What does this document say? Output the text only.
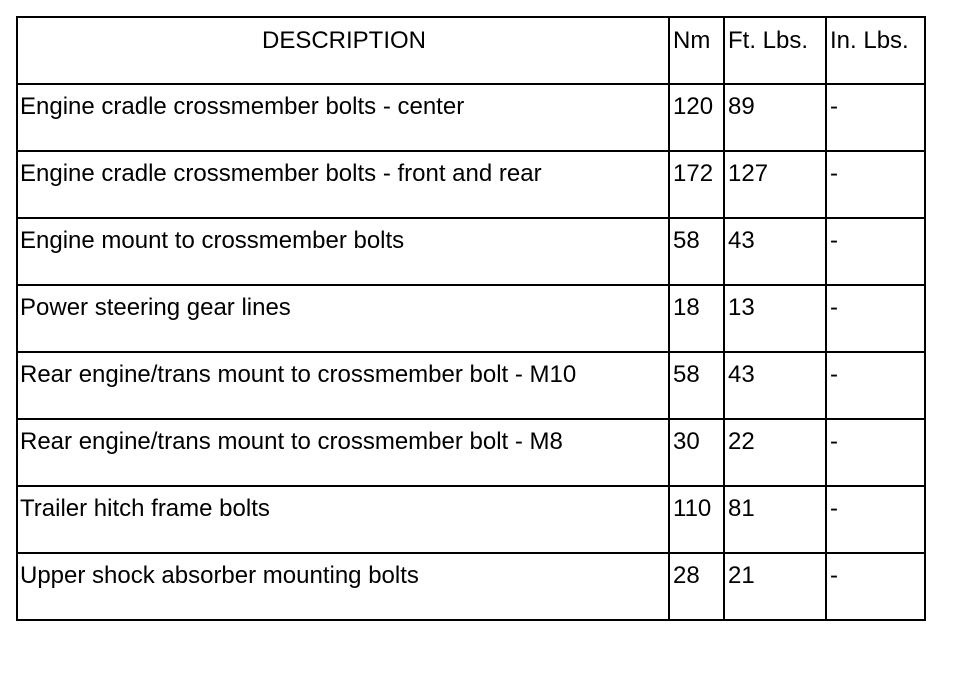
DESCRIPTION	Nm	Ft. Lbs.	In. Lbs.
Engine cradle crossmember bolts - center	120	89	-
Engine cradle crossmember bolts - front and rear	172	127	-
Engine mount to crossmember bolts	58	43	-
Power steering gear lines	18	13	-
Rear engine/trans mount to crossmember bolt - M10	58	43	-
Rear engine/trans mount to crossmember bolt - M8	30	22	-
Trailer hitch frame bolts	110	81	-
Upper shock absorber mounting bolts	28	21	-
